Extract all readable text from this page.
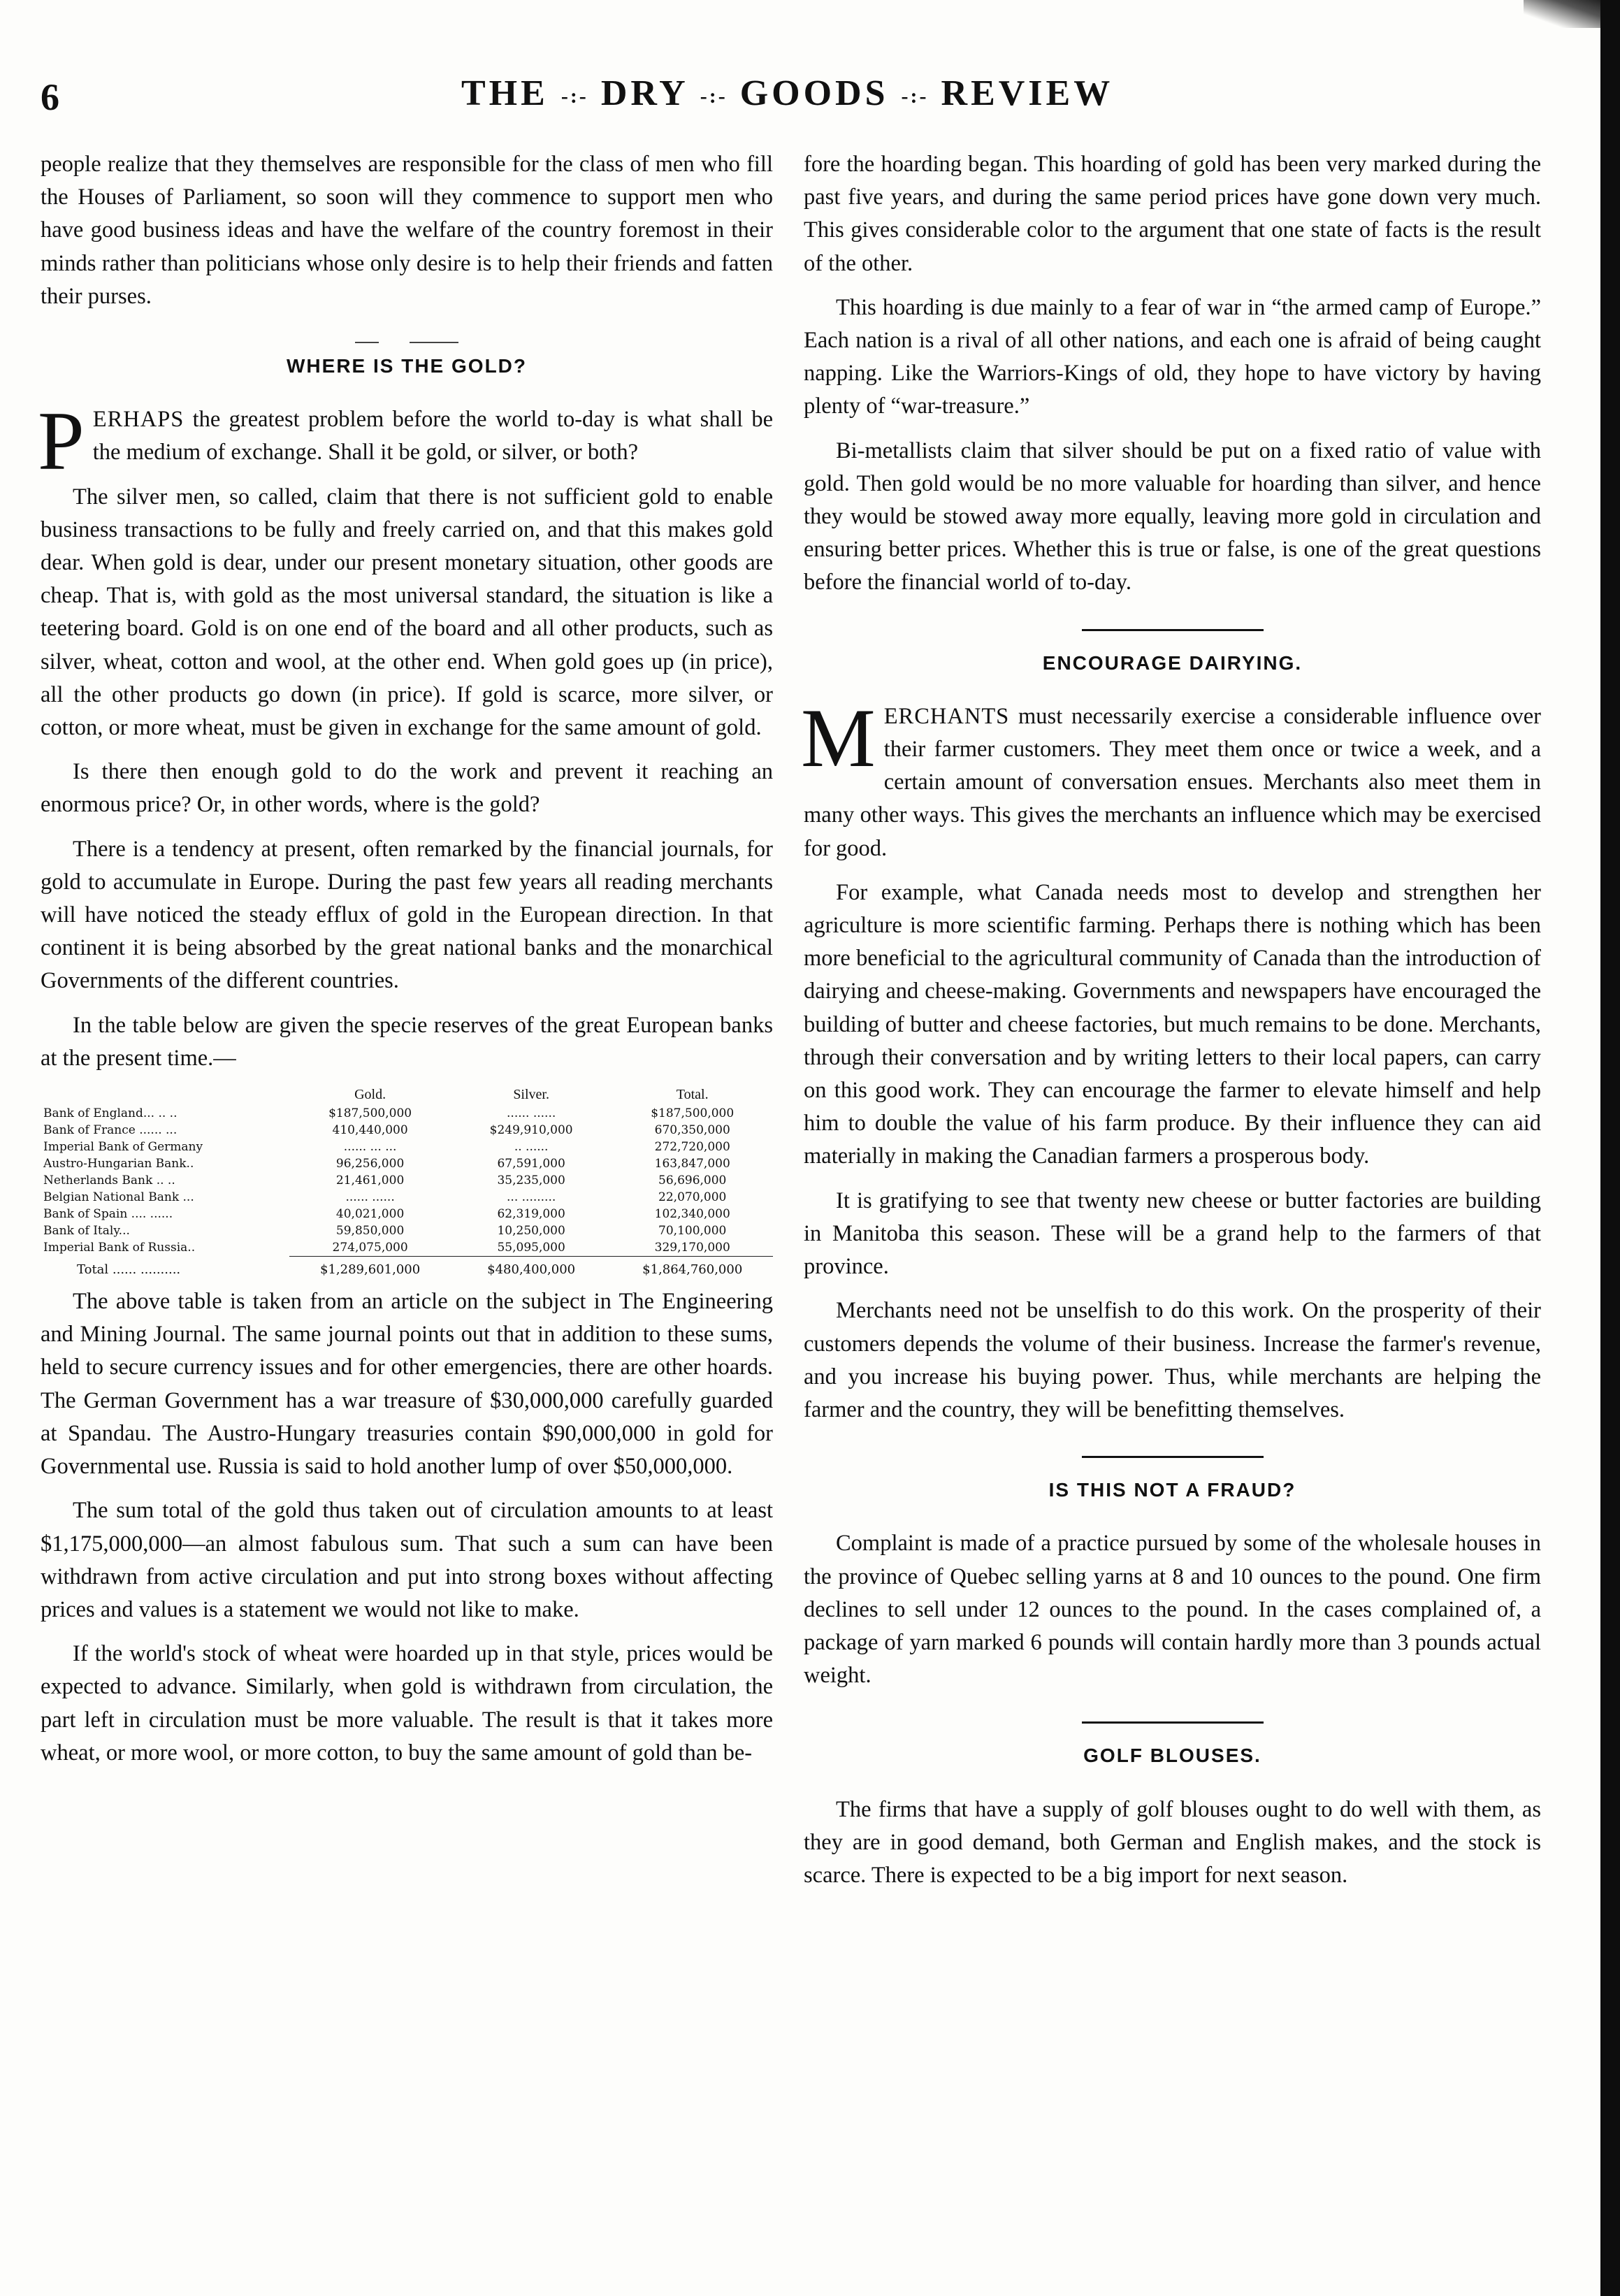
6	THE -:- DRY -:- GOODS -:- REVIEW

people realize that they themselves are responsible for the class of men who fill the Houses of Parliament, so soon will they commence to support men who have good business ideas and have the welfare of the country foremost in their minds rather than politicians whose only desire is to help their friends and fatten their purses.

WHERE IS THE GOLD?

PERHAPS the greatest problem before the world to-day is what shall be the medium of exchange. Shall it be gold, or silver, or both?

The silver men, so called, claim that there is not sufficient gold to enable business transactions to be fully and freely carried on, and that this makes gold dear. When gold is dear, under our present monetary situation, other goods are cheap. That is, with gold as the most universal standard, the situation is like a teetering board. Gold is on one end of the board and all other products, such as silver, wheat, cotton and wool, at the other end. When gold goes up (in price), all the other products go down (in price). If gold is scarce, more silver, or cotton, or more wheat, must be given in exchange for the same amount of gold.

Is there then enough gold to do the work and prevent it reaching an enormous price? Or, in other words, where is the gold?

There is a tendency at present, often remarked by the financial journals, for gold to accumulate in Europe. During the past few years all reading merchants will have noticed the steady efflux of gold in the European direction. In that continent it is being absorbed by the great national banks and the monarchical Governments of the different countries.

In the table below are given the specie reserves of the great European banks at the present time.—

	Gold.	Silver.	Total.
Bank of England... .. ..	$187,500,000	...... ......	$187,500,000
Bank of France ...... ...	410,440,000	$249,910,000	670,350,000
Imperial Bank of Germany	...... ... ...	.. ......	272,720,000
Austro-Hungarian Bank..	96,256,000	67,591,000	163,847,000
Netherlands Bank .. ..	21,461,000	35,235,000	56,696,000
Belgian National Bank ...	...... ......	... .........	22,070,000
Bank of Spain .... ......	40,021,000	62,319,000	102,340,000
Bank of Italy...	59,850,000	10,250,000	70,100,000
Imperial Bank of Russia..	274,075,000	55,095,000	329,170,000
Total ...... ..........	$1,289,601,000	$480,400,000	$1,864,760,000

The above table is taken from an article on the subject in The Engineering and Mining Journal. The same journal points out that in addition to these sums, held to secure currency issues and for other emergencies, there are other hoards. The German Government has a war treasure of $30,000,000 carefully guarded at Spandau. The Austro-Hungary treasuries contain $90,000,000 in gold for Governmental use. Russia is said to hold another lump of over $50,000,000.

The sum total of the gold thus taken out of circulation amounts to at least $1,175,000,000—an almost fabulous sum. That such a sum can have been withdrawn from active circulation and put into strong boxes without affecting prices and values is a statement we would not like to make.

If the world's stock of wheat were hoarded up in that style, prices would be expected to advance. Similarly, when gold is withdrawn from circulation, the part left in circulation must be more valuable. The result is that it takes more wheat, or more wool, or more cotton, to buy the same amount of gold than be-

fore the hoarding began. This hoarding of gold has been very marked during the past five years, and during the same period prices have gone down very much. This gives considerable color to the argument that one state of facts is the result of the other.

This hoarding is due mainly to a fear of war in “the armed camp of Europe.” Each nation is a rival of all other nations, and each one is afraid of being caught napping. Like the Warriors-Kings of old, they hope to have victory by having plenty of “war-treasure.”

Bi-metallists claim that silver should be put on a fixed ratio of value with gold. Then gold would be no more valuable for hoarding than silver, and hence they would be stowed away more equally, leaving more gold in circulation and ensuring better prices. Whether this is true or false, is one of the great questions before the financial world of to-day.

ENCOURAGE DAIRYING.

MERCHANTS must necessarily exercise a considerable influence over their farmer customers. They meet them once or twice a week, and a certain amount of conversation ensues. Merchants also meet them in many other ways. This gives the merchants an influence which may be exercised for good.

For example, what Canada needs most to develop and strengthen her agriculture is more scientific farming. Perhaps there is nothing which has been more beneficial to the agricultural community of Canada than the introduction of dairying and cheese-making. Governments and newspapers have encouraged the building of butter and cheese factories, but much remains to be done. Merchants, through their conversation and by writing letters to their local papers, can carry on this good work. They can encourage the farmer to elevate himself and help him to double the value of his farm produce. By their influence they can aid materially in making the Canadian farmers a prosperous body.

It is gratifying to see that twenty new cheese or butter factories are building in Manitoba this season. These will be a grand help to the farmers of that province.

Merchants need not be unselfish to do this work. On the prosperity of their customers depends the volume of their business. Increase the farmer's revenue, and you increase his buying power. Thus, while merchants are helping the farmer and the country, they will be benefitting themselves.

IS THIS NOT A FRAUD?

Complaint is made of a practice pursued by some of the wholesale houses in the province of Quebec selling yarns at 8 and 10 ounces to the pound. One firm declines to sell under 12 ounces to the pound. In the cases complained of, a package of yarn marked 6 pounds will contain hardly more than 3 pounds actual weight.

GOLF BLOUSES.

The firms that have a supply of golf blouses ought to do well with them, as they are in good demand, both German and English makes, and the stock is scarce. There is expected to be a big import for next season.
